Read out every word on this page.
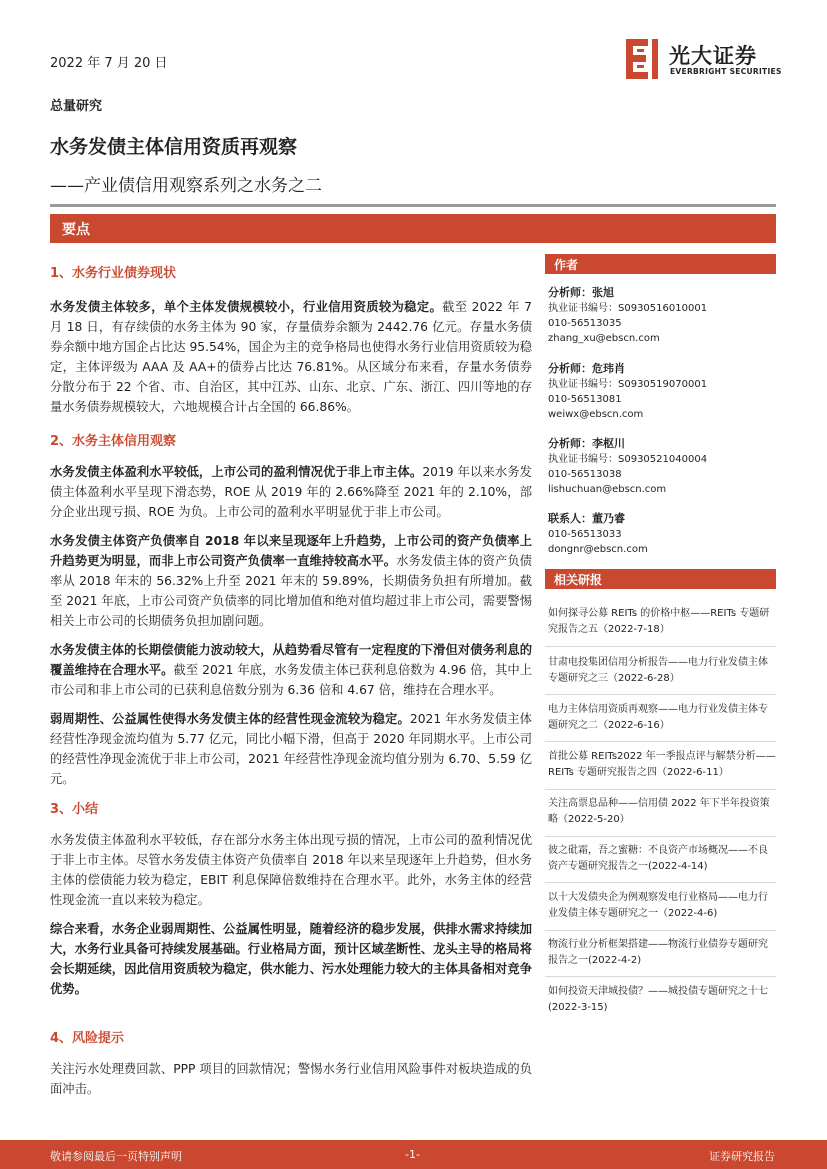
2022 年 7 月 20 日
总量研究
水务发债主体信用资质再观察
——产业债信用观察系列之水务之二
光大证券
EVERBRIGHT SECURITIES
要点
1、水务行业债券现状
水务发债主体较多，单个主体发债规模较小，行业信用资质较为稳定。截至 2022 年 7 月 18 日，有存续债的水务主体为 90 家，存量债券余额为 2442.76 亿元。存量水务债券余额中地方国企占比达 95.54%，国企为主的竞争格局也使得水务行业信用资质较为稳定，主体评级为 AAA 及 AA+的债券占比达 76.81%。从区域分布来看，存量水务债券分散分布于 22 个省、市、自治区，其中江苏、山东、北京、广东、浙江、四川等地的存量水务债券规模较大，六地规模合计占全国的 66.86%。
2、水务主体信用观察
水务发债主体盈利水平较低，上市公司的盈利情况优于非上市主体。2019 年以来水务发债主体盈利水平呈现下滑态势，ROE 从 2019 年的 2.66%降至 2021 年的 2.10%，部分企业出现亏损、ROE 为负。上市公司的盈利水平明显优于非上市公司。
水务发债主体资产负债率自 2018 年以来呈现逐年上升趋势，上市公司的资产负债率上升趋势更为明显，而非上市公司资产负债率一直维持较高水平。水务发债主体的资产负债率从 2018 年末的 56.32%上升至 2021 年末的 59.89%，长期债务负担有所增加。截至 2021 年底，上市公司资产负债率的同比增加值和绝对值均超过非上市公司，需要警惕相关上市公司的长期债务负担加剧问题。
水务发债主体的长期偿债能力波动较大，从趋势看尽管有一定程度的下滑但对债务利息的覆盖维持在合理水平。截至 2021 年底，水务发债主体已获利息倍数为 4.96 倍，其中上市公司和非上市公司的已获利息倍数分别为 6.36 倍和 4.67 倍，维持在合理水平。
弱周期性、公益属性使得水务发债主体的经营性现金流较为稳定。2021 年水务发债主体经营性净现金流均值为 5.77 亿元，同比小幅下滑，但高于 2020 年同期水平。上市公司的经营性净现金流优于非上市公司，2021 年经营性净现金流均值分别为 6.70、5.59 亿元。
3、小结
水务发债主体盈利水平较低，存在部分水务主体出现亏损的情况，上市公司的盈利情况优于非上市主体。尽管水务发债主体资产负债率自 2018 年以来呈现逐年上升趋势，但水务主体的偿债能力较为稳定，EBIT 利息保障倍数维持在合理水平。此外，水务主体的经营性现金流一直以来较为稳定。
综合来看，水务企业弱周期性、公益属性明显，随着经济的稳步发展，供排水需求持续加大，水务行业具备可持续发展基础。行业格局方面，预计区域垄断性、龙头主导的格局将会长期延续，因此信用资质较为稳定，供水能力、污水处理能力较大的主体具备相对竞争优势。
4、风险提示
关注污水处理费回款、PPP 项目的回款情况；警惕水务行业信用风险事件对板块造成的负面冲击。
作者
分析师：张旭
执业证书编号：S0930516010001
010-56513035
zhang_xu@ebscn.com
分析师：危玮肖
执业证书编号：S0930519070001
010-56513081
weiwx@ebscn.com
分析师：李枢川
执业证书编号：S0930521040004
010-56513038
lishuchuan@ebscn.com
联系人：董乃睿
010-56513033
dongnr@ebscn.com
相关研报
如何探寻公募 REITs 的价格中枢——REITs 专题研究报告之五（2022-7-18）
甘肃电投集团信用分析报告——电力行业发债主体专题研究之三（2022-6-28）
电力主体信用资质再观察——电力行业发债主体专题研究之二（2022-6-16）
首批公募 REITs2022 年一季报点评与解禁分析——REITs 专题研究报告之四（2022-6-11）
关注高票息品种——信用债 2022 年下半年投资策略（2022-5-20）
彼之砒霜，吾之蜜糖：不良资产市场概况——不良资产专题研究报告之一(2022-4-14)
以十大发债央企为例观察发电行业格局——电力行业发债主体专题研究之一（2022-4-6)
物流行业分析框架搭建——物流行业债券专题研究报告之一(2022-4-2)
如何投资天津城投债？——城投债专题研究之十七(2022-3-15)
敬请参阅最后一页特别声明	-1-	证券研究报告
